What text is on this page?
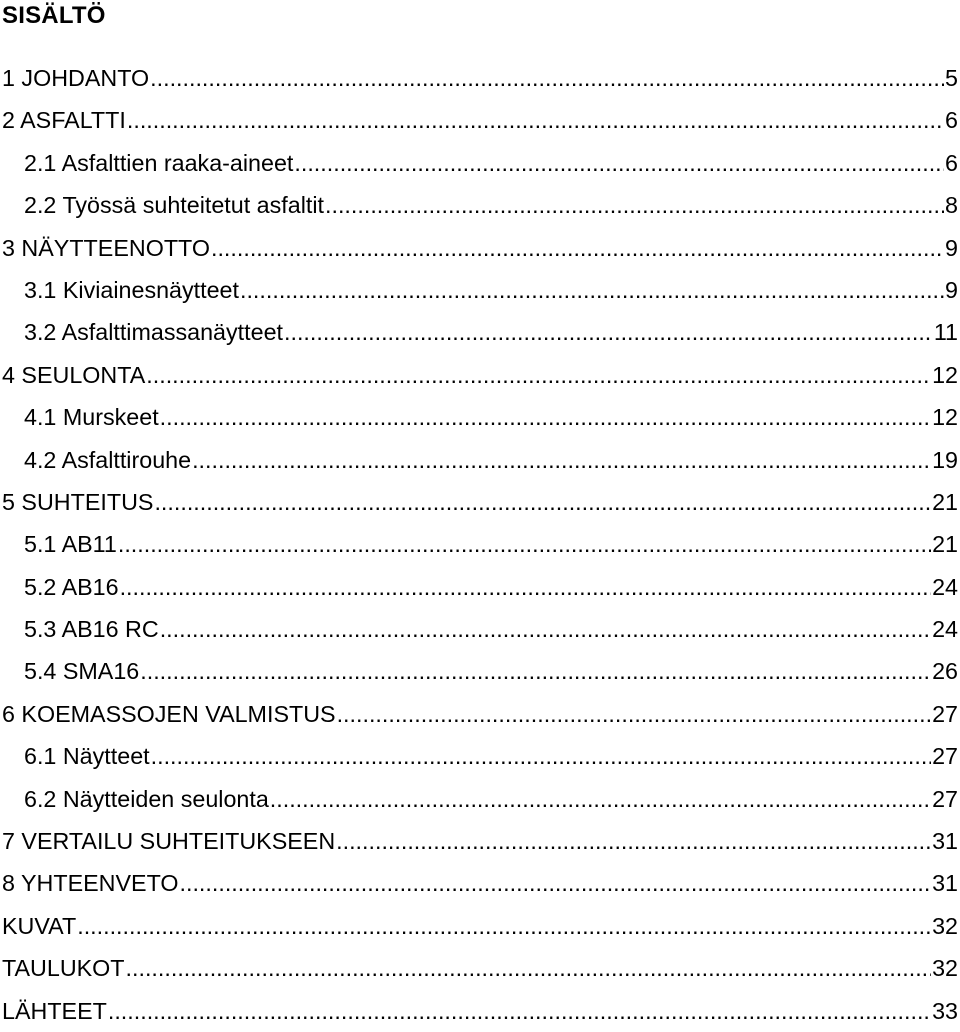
SISÄLTÖ
1 JOHDANTO .....	5
2 ASFALTTI .....	6
2.1 Asfalttien raaka-aineet .....	6
2.2 Työssä suhteitetut asfaltit .....	8
3 NÄYTTEENOTTO .....	9
3.1 Kiviainesnäytteet .....	9
3.2 Asfalttimassanäytteet .....	11
4 SEULONTA .....	12
4.1 Murskeet .....	12
4.2 Asfalttirouhe .....	19
5 SUHTEITUS .....	21
5.1 AB11 .....	21
5.2 AB16 .....	24
5.3 AB16 RC .....	24
5.4 SMA16 .....	26
6 KOEMASSOJEN VALMISTUS .....	27
6.1 Näytteet .....	27
6.2 Näytteiden seulonta .....	27
7 VERTAILU SUHTEITUKSEEN .....	31
8 YHTEENVETO .....	31
KUVAT .....	32
TAULUKOT .....	32
LÄHTEET .....	33
